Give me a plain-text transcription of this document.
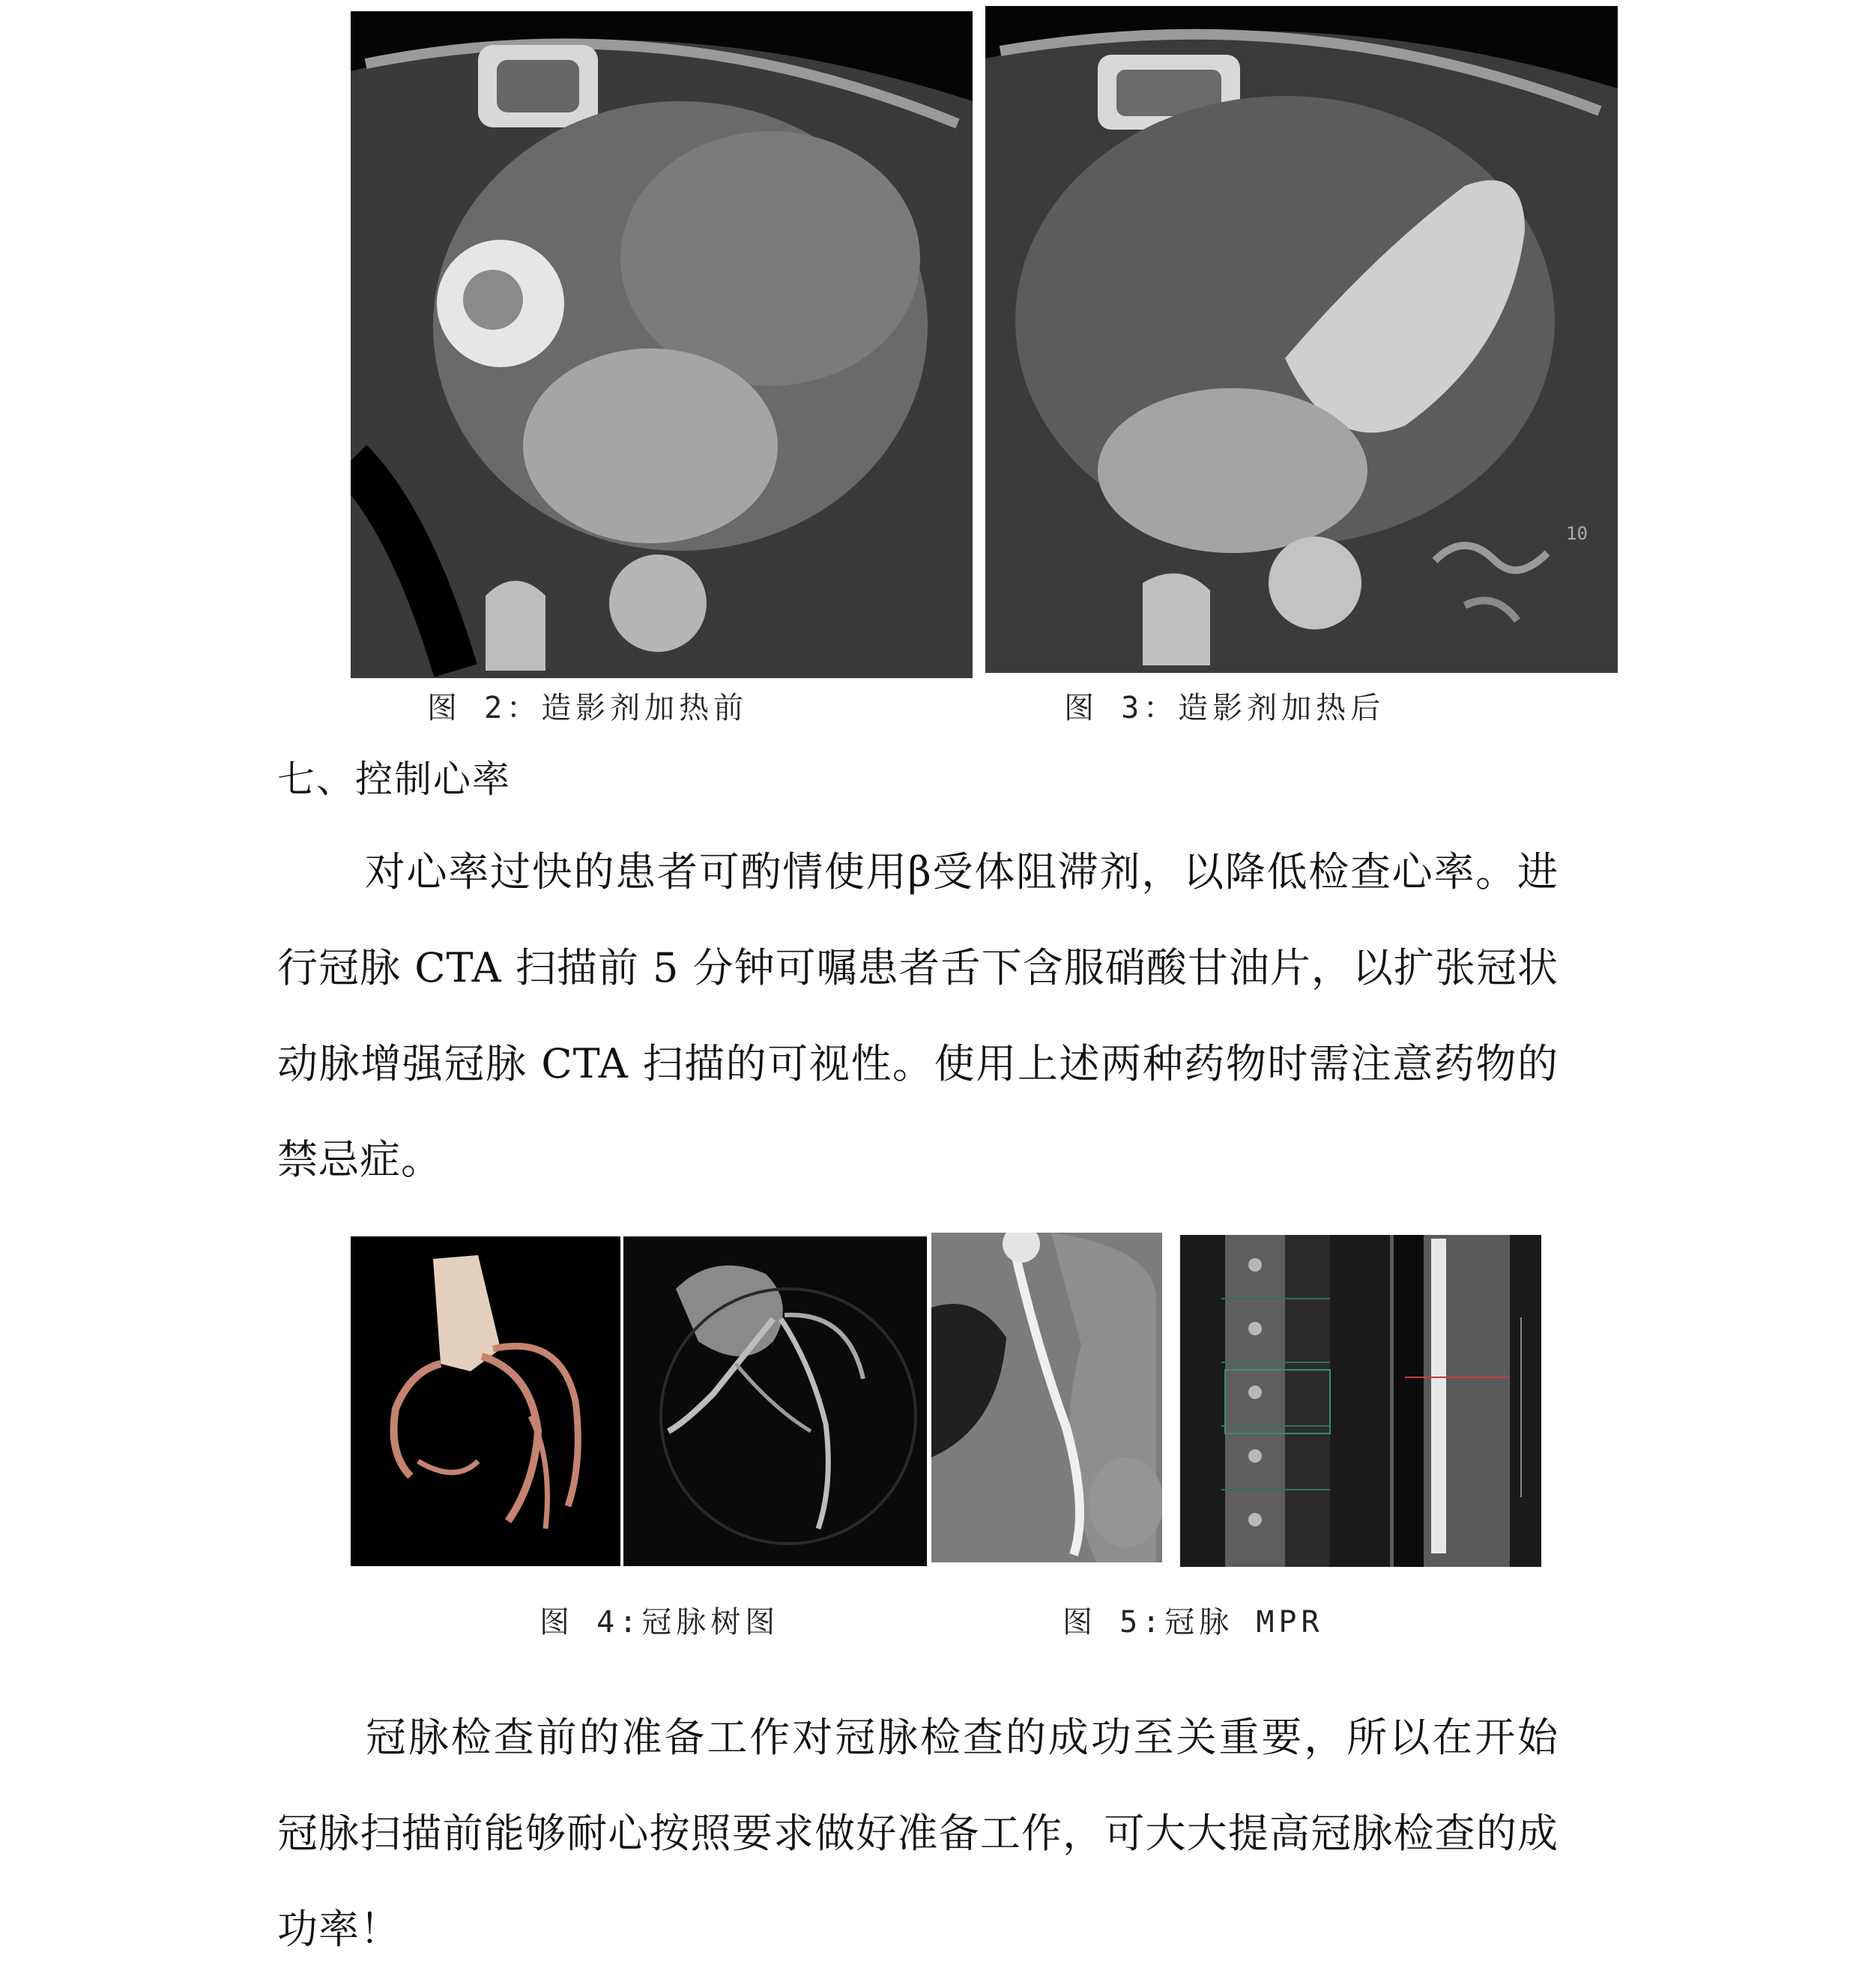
10
图 2：造影剂加热前	图 3：造影剂加热后
七、控制心率
对心率过快的患者可酌情使用β受体阻滞剂，以降低检查心率。进行冠脉 CTA 扫描前 5 分钟可嘱患者舌下含服硝酸甘油片，以扩张冠状动脉增强冠脉 CTA 扫描的可视性。使用上述两种药物时需注意药物的禁忌症。
图 4:冠脉树图	图 5:冠脉 MPR
冠脉检查前的准备工作对冠脉检查的成功至关重要，所以在开始冠脉扫描前能够耐心按照要求做好准备工作，可大大提高冠脉检查的成功率！
